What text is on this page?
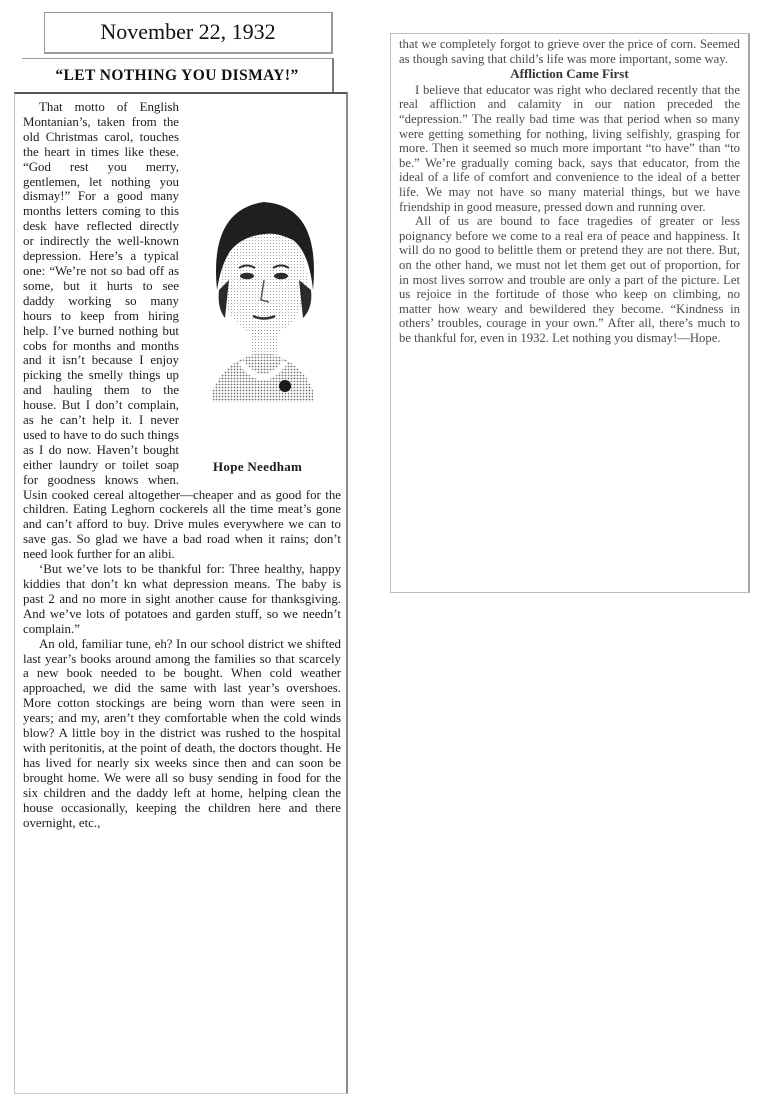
November 22, 1932
“LET NOTHING YOU DISMAY!”
Hope Needham

That motto of English Montanian’s, taken from the old Christmas carol, touches the heart in times like these. “God rest you merry, gentlemen, let nothing you dismay!” For a good many months letters coming to this desk have reflected directly or indirectly the well-known depression. Here’s a typical one: “We’re not so bad off as some, but it hurts to see daddy working so many hours to keep from hiring help. I’ve burned nothing but cobs for months and months and it isn’t because I enjoy picking the smelly things up and hauling them to the house. But I don’t complain, as he can’t help it. I never used to have to do such things as I do now. Haven’t bought either laundry or toilet soap for goodness knows when. Usin cooked cereal altogether—cheaper and as good for the children. Eating Leghorn cockerels all the time meat’s gone and can’t afford to buy. Drive mules everywhere we can to save gas. So glad we have a bad road when it rains; don’t need look further for an alibi.

‘But we’ve lots to be thankful for: Three healthy, happy kiddies that don’t kn what depression means. The baby is past 2 and no more in sight another cause for thanksgiving. And we’ve lots of potatoes and garden stuff, so we needn’t complain.”

An old, familiar tune, eh? In our school district we shifted last year’s books around among the families so that scarcely a new book needed to be bought. When cold weather approached, we did the same with last year’s overshoes. More cotton stockings are being worn than were seen in years; and my, aren’t they comfortable when the cold winds blow? A little boy in the district was rushed to the hospital with peritonitis, at the point of death, the doctors thought. He has lived for nearly six weeks since then and can soon be brought home. We were all so busy sending in food for the six children and the daddy left at home, helping clean the house occasionally, keeping the children here and there overnight, etc.,

that we completely forgot to grieve over the price of corn. Seemed as though saving that child’s life was more important, some way.

Affliction Came First

I believe that educator was right who declared recently that the real affliction and calamity in our nation preceded the “depression.” The really bad time was that period when so many were getting something for nothing, living selfishly, grasping for more. Then it seemed so much more important “to have” than “to be.” We’re gradually coming back, says that educator, from the ideal of a life of comfort and convenience to the ideal of a better life. We may not have so many material things, but we have friendship in good measure, pressed down and running over.

All of us are bound to face tragedies of greater or less poignancy before we come to a real era of peace and happiness. It will do no good to belittle them or pretend they are not there. But, on the other hand, we must not let them get out of proportion, for in most lives sorrow and trouble are only a part of the picture. Let us rejoice in the fortitude of those who keep on climbing, no matter how weary and bewildered they become. “Kindness in others’ troubles, courage in your own.” After all, there’s much to be thankful for, even in 1932. Let nothing you dismay!—Hope.
